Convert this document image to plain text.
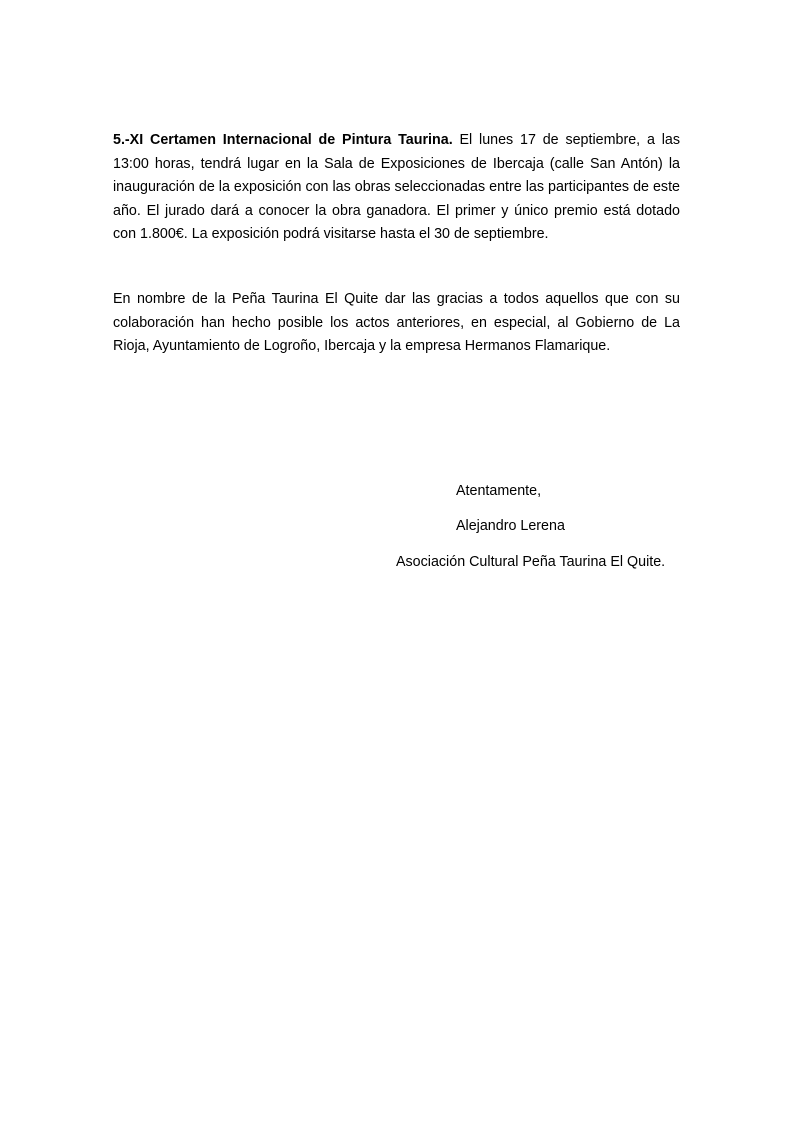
5.-XI Certamen Internacional de Pintura Taurina. El lunes 17 de septiembre, a las 13:00 horas, tendrá lugar en la Sala de Exposiciones de Ibercaja (calle San Antón) la inauguración de la exposición con las obras seleccionadas entre las participantes de este año. El jurado dará a conocer la obra ganadora. El primer y único premio está dotado con 1.800€. La exposición podrá visitarse hasta el 30 de septiembre.

En nombre de la Peña Taurina El Quite dar las gracias a todos aquellos que con su colaboración han hecho posible los actos anteriores, en especial, al Gobierno de La Rioja, Ayuntamiento de Logroño, Ibercaja y la empresa Hermanos Flamarique.

Atentamente,

Alejandro Lerena

Asociación Cultural Peña Taurina El Quite.
